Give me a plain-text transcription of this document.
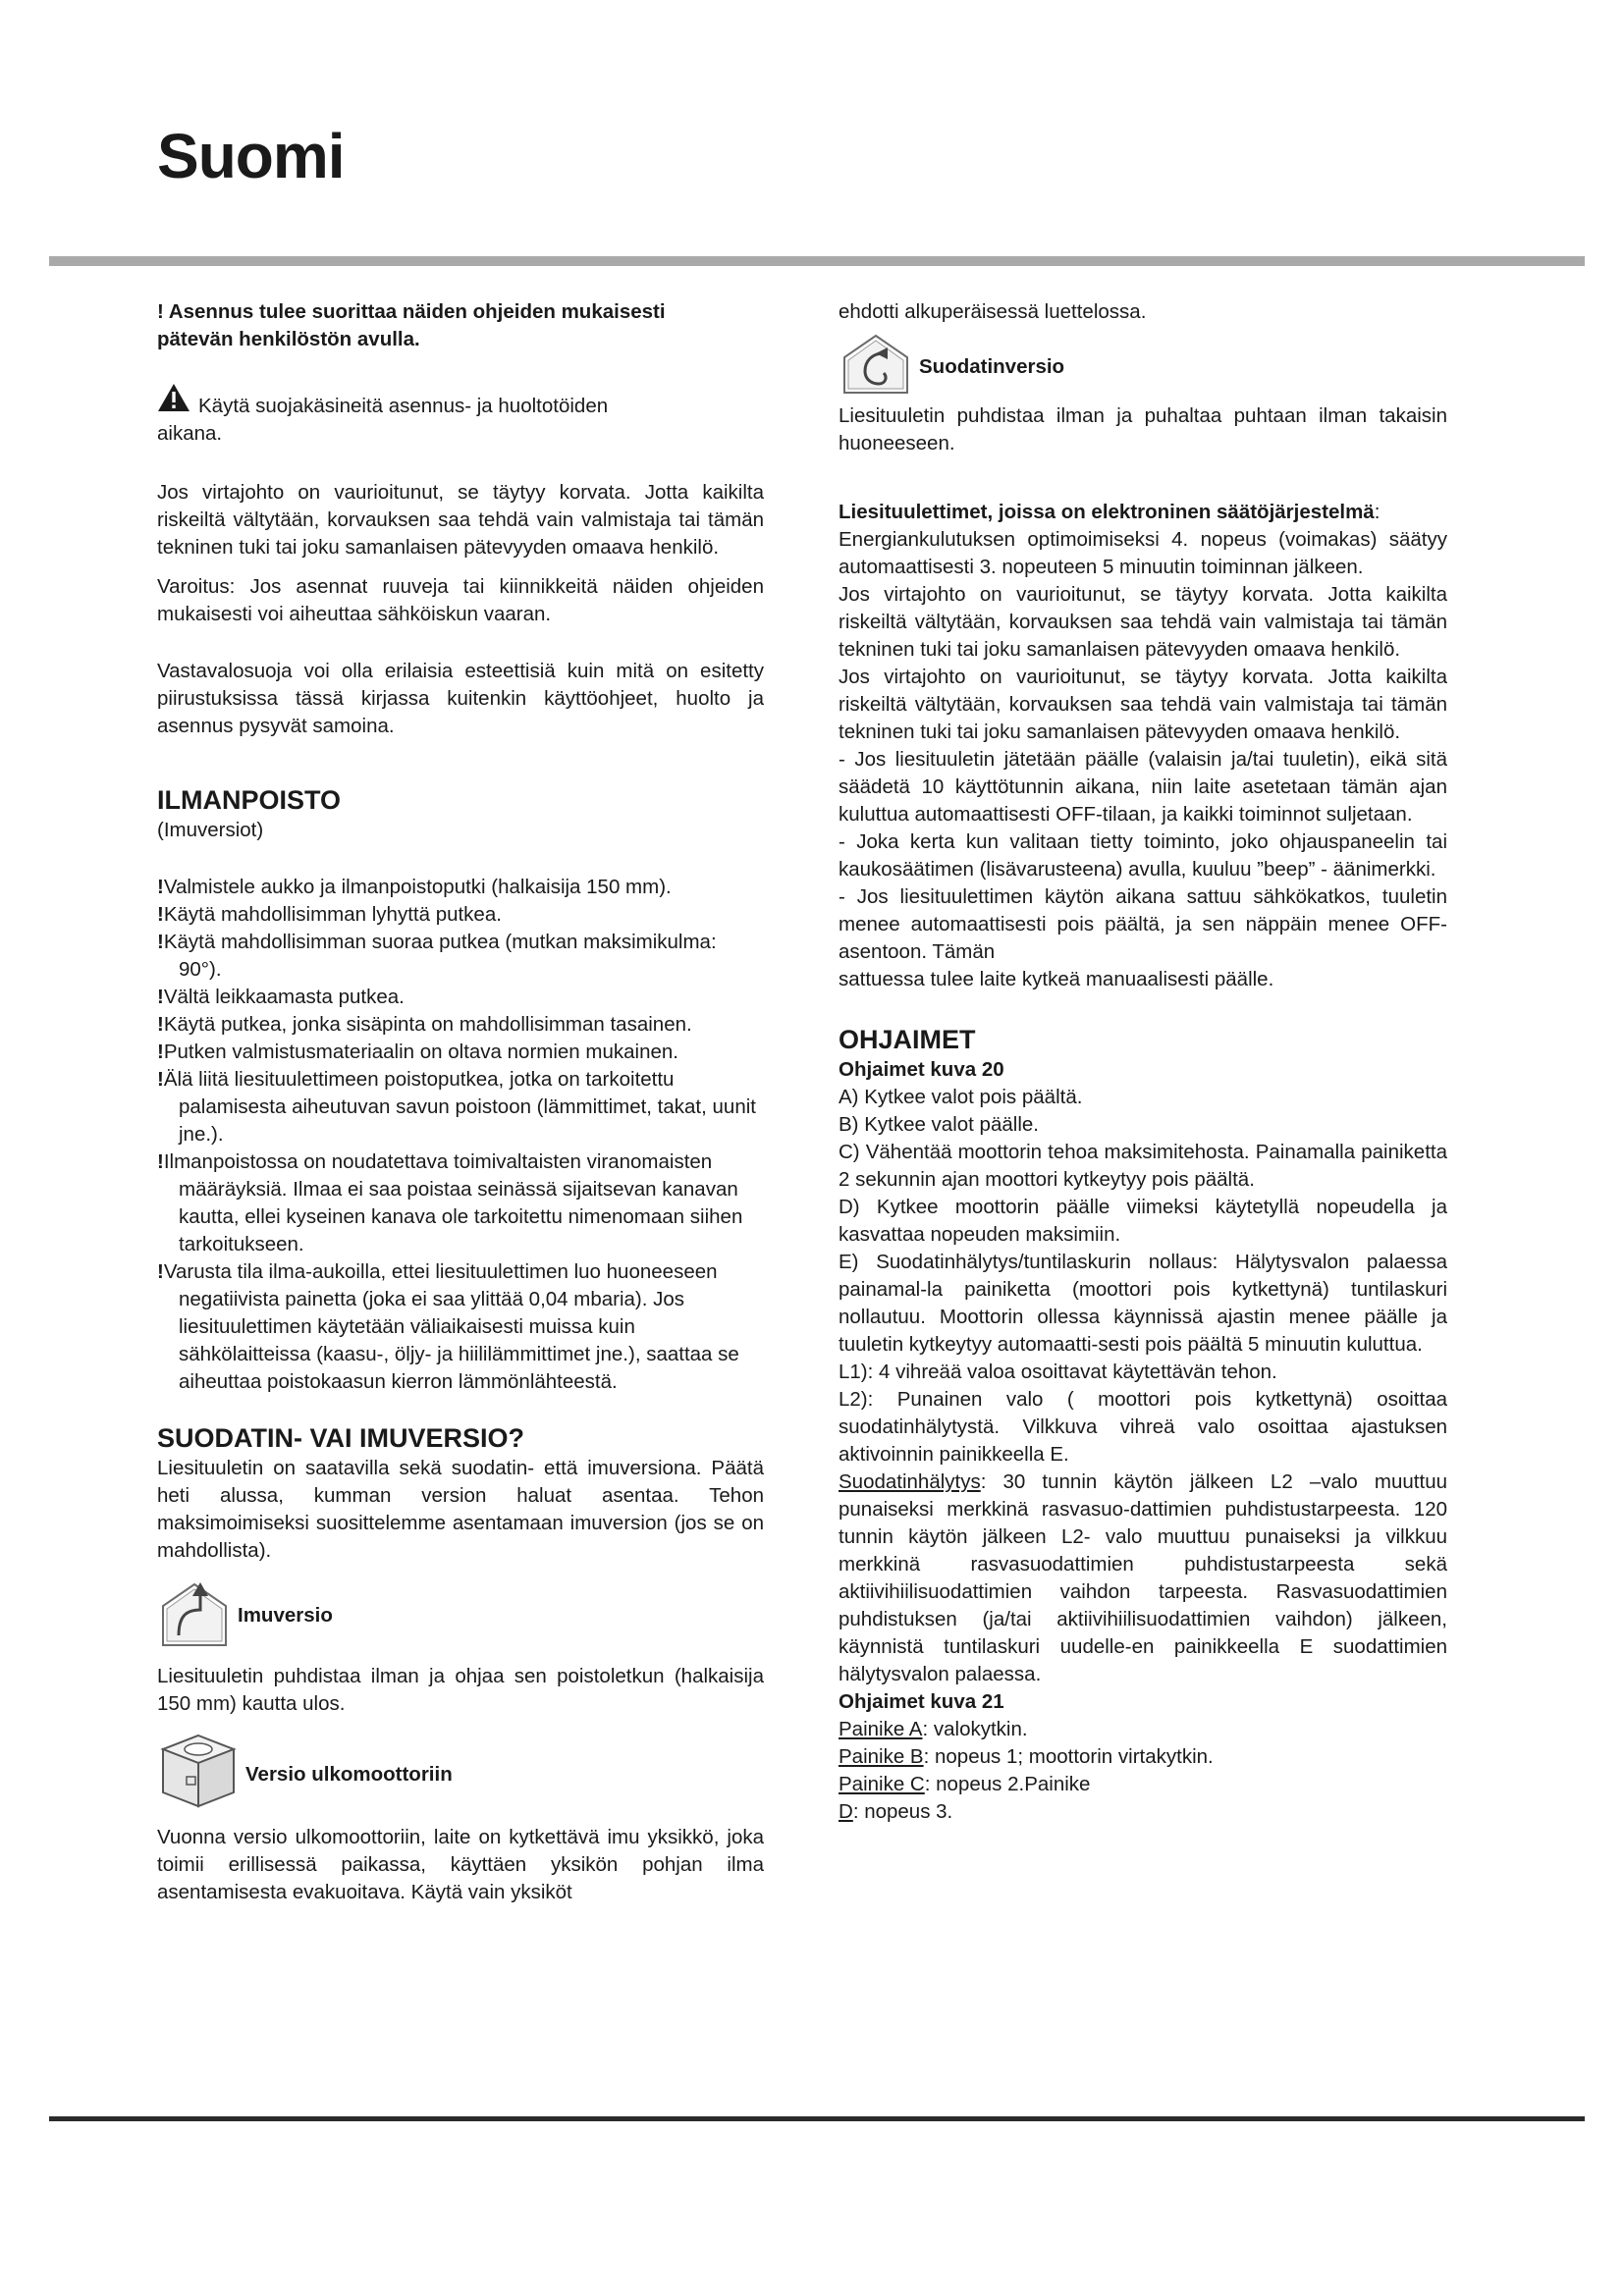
Suomi

! Asennus tulee suorittaa näiden ohjeiden mukaisesti

pätevän henkilöstön avulla.

Käytä suojakäsineitä asennus- ja huoltotöiden

aikana.

Jos virtajohto on vaurioitunut, se täytyy korvata. Jotta kaikilta riskeiltä vältytään, korvauksen saa tehdä vain valmistaja tai tämän tekninen tuki tai joku samanlaisen pätevyyden omaava henkilö.

Varoitus: Jos asennat ruuveja tai kiinnikkeitä näiden ohjeiden mukaisesti voi aiheuttaa sähköiskun vaaran.

Vastavalosuoja voi olla erilaisia esteettisiä kuin mitä on esitetty piirustuksissa tässä kirjassa kuitenkin käyttöohjeet, huolto ja asennus pysyvät samoina.

ILMANPOISTO

(Imuversiot)

!Valmistele aukko ja ilmanpoistoputki (halkaisija 150 mm).

!Käytä mahdollisimman lyhyttä putkea.

!Käytä mahdollisimman suoraa putkea (mutkan maksimikulma: 90°).

!Vältä leikkaamasta putkea.

!Käytä putkea, jonka sisäpinta on mahdollisimman tasainen.

!Putken valmistusmateriaalin on oltava normien mukainen.

!Älä liitä liesituulettimeen poistoputkea, jotka on tarkoitettu palamisesta aiheutuvan savun poistoon (lämmittimet, takat, uunit jne.).

!Ilmanpoistossa on noudatettava toimivaltaisten viranomaisten määräyksiä. Ilmaa ei saa poistaa seinässä sijaitsevan kanavan kautta, ellei kyseinen kanava ole tarkoitettu nimenomaan siihen tarkoitukseen.

!Varusta tila ilma-aukoilla, ettei liesituulettimen luo huoneeseen negatiivista painetta (joka ei saa ylittää 0,04 mbaria). Jos liesituulettimen käytetään väliaikaisesti muissa kuin sähkölaitteissa (kaasu-, öljy- ja hiililämmittimet jne.), saattaa se aiheuttaa poistokaasun kierron lämmönlähteestä.

SUODATIN- VAI IMUVERSIO?

Liesituuletin on saatavilla sekä suodatin- että imuversiona. Päätä heti alussa, kumman version haluat asentaa. Tehon maksimoimiseksi suosittelemme asentamaan imuversion (jos se on mahdollista).

Imuversio

Liesituuletin puhdistaa ilman ja ohjaa sen poistoletkun (halkaisija 150 mm) kautta ulos.

Versio ulkomoottoriin

Vuonna versio ulkomoottoriin, laite on kytkettävä imu yksikkö, joka toimii erillisessä paikassa, käyttäen yksikön pohjan ilma asentamisesta evakuoitava. Käytä vain yksiköt

ehdotti alkuperäisessä luettelossa.

Suodatinversio

Liesituuletin puhdistaa ilman ja puhaltaa puhtaan ilman takaisin huoneeseen.

Liesituulettimet, joissa on elektroninen säätöjärjestelmä:

Energiankulutuksen optimoimiseksi 4. nopeus (voimakas) säätyy automaattisesti 3. nopeuteen 5 minuutin toiminnan jälkeen.

Jos virtajohto on vaurioitunut, se täytyy korvata. Jotta kaikilta riskeiltä vältytään, korvauksen saa tehdä vain valmistaja tai tämän tekninen tuki tai joku samanlaisen pätevyyden omaava henkilö.

Jos virtajohto on vaurioitunut, se täytyy korvata. Jotta kaikilta riskeiltä vältytään, korvauksen saa tehdä vain valmistaja tai tämän tekninen tuki tai joku samanlaisen pätevyyden omaava henkilö.

- Jos liesituuletin jätetään päälle (valaisin ja/tai tuuletin), eikä sitä säädetä 10 käyttötunnin aikana, niin laite asetetaan tämän ajan kuluttua automaattisesti OFF-tilaan, ja kaikki toiminnot suljetaan.

- Joka kerta kun valitaan tietty toiminto, joko ohjauspaneelin tai kaukosäätimen (lisävarusteena) avulla, kuuluu ”beep” - äänimerkki.

- Jos liesituulettimen käytön aikana sattuu sähkökatkos, tuuletin menee automaattisesti pois päältä, ja sen näppäin menee OFF-asentoon. Tämän

sattuessa tulee laite kytkeä manuaalisesti päälle.

OHJAIMET

Ohjaimet kuva 20

A) Kytkee valot pois päältä.

B) Kytkee valot päälle.

C) Vähentää moottorin tehoa maksimitehosta. Painamalla painiketta 2 sekunnin ajan moottori kytkeytyy pois päältä.

D) Kytkee moottorin päälle viimeksi käytetyllä nopeudella ja kasvattaa nopeuden maksimiin.

E) Suodatinhälytys/tuntilaskurin nollaus: Hälytysvalon palaessa painamal-la painiketta (moottori pois kytkettynä) tuntilaskuri nollautuu. Moottorin ollessa käynnissä ajastin menee päälle ja tuuletin kytkeytyy automaatti-sesti pois päältä 5 minuutin kuluttua.

L1): 4 vihreää valoa osoittavat käytettävän tehon.

L2): Punainen valo ( moottori pois kytkettynä) osoittaa suodatinhälytystä. Vilkkuva vihreä valo osoittaa ajastuksen aktivoinnin painikkeella E.

Suodatinhälytys: 30 tunnin käytön jälkeen L2 –valo muuttuu punaiseksi merkkinä rasvasuo-dattimien puhdistustarpeesta. 120 tunnin käytön jälkeen L2- valo muuttuu punaiseksi ja vilkkuu merkkinä rasvasuodattimien puhdistustarpeesta sekä aktiivihiilisuodattimien vaihdon tarpeesta. Rasvasuodattimien puhdistuksen (ja/tai aktiivihiilisuodattimien vaihdon) jälkeen, käynnistä tuntilaskuri uudelle-en painikkeella E suodattimien hälytysvalon palaessa.

Ohjaimet kuva 21

Painike A: valokytkin.

Painike B: nopeus 1; moottorin virtakytkin.

Painike C: nopeus 2.Painike

D: nopeus 3.
